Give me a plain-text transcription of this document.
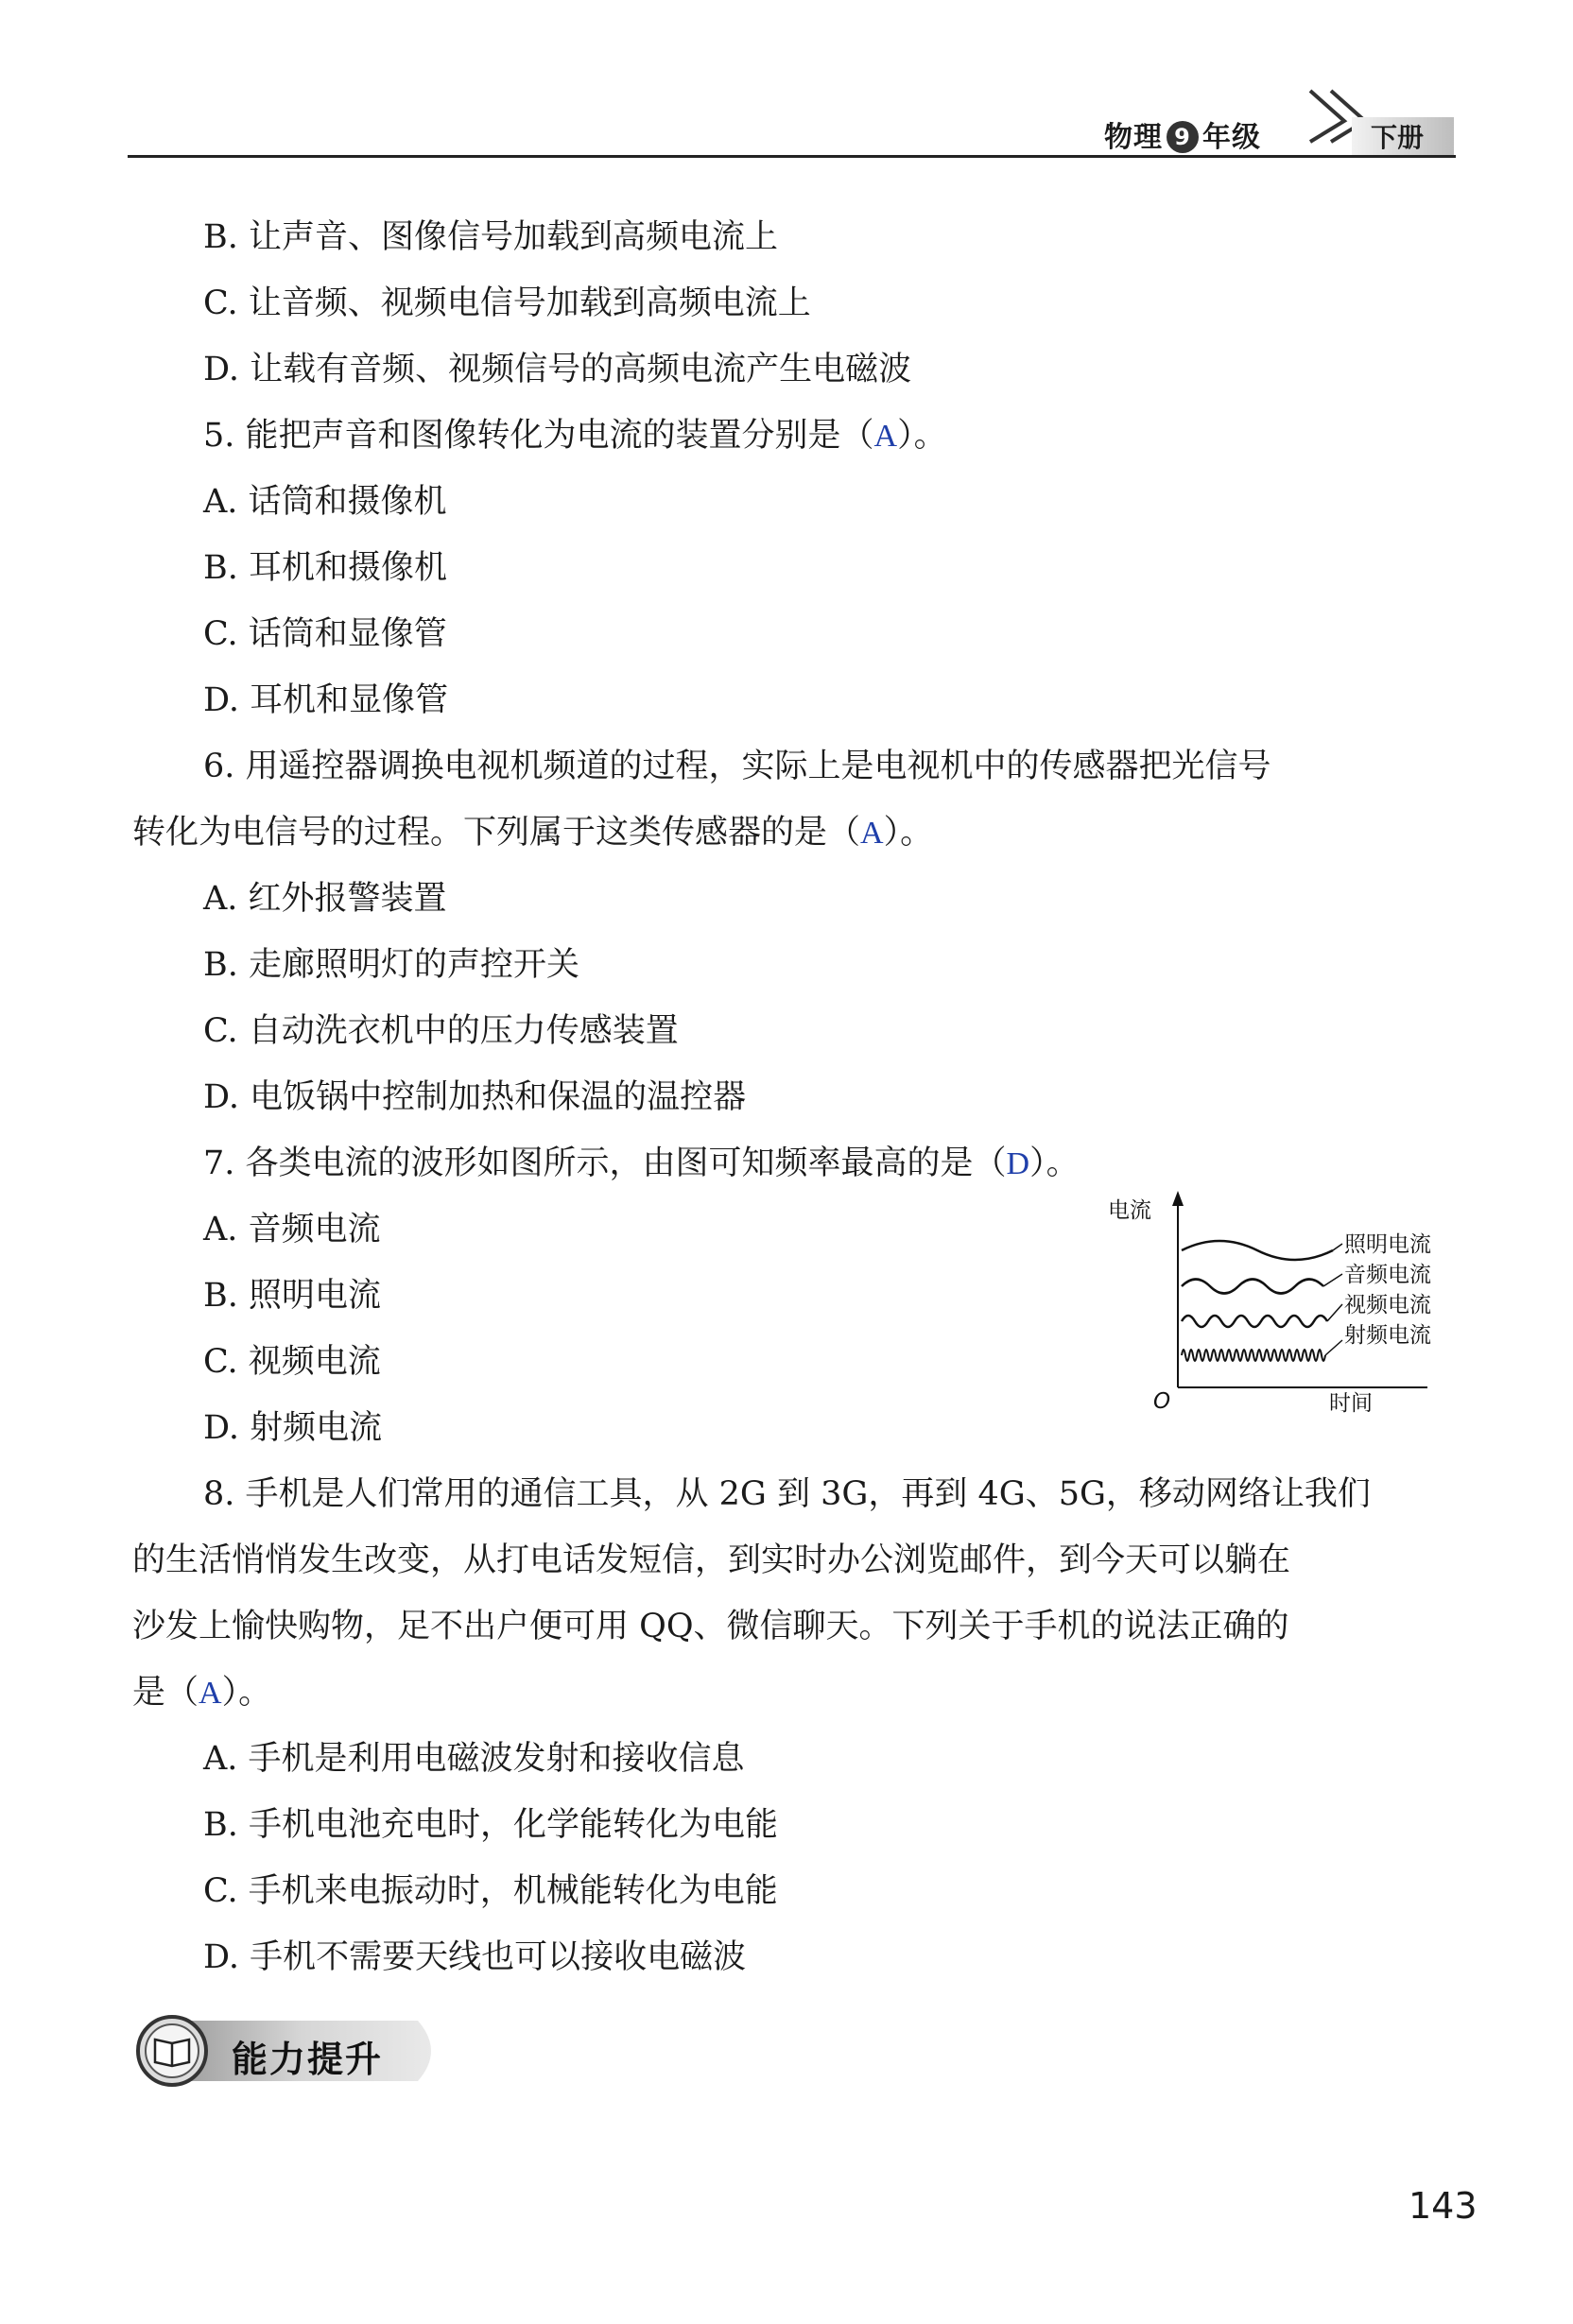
物理 9 年级	下册
B. 让声音、图像信号加载到高频电流上
C. 让音频、视频电信号加载到高频电流上
D. 让载有音频、视频信号的高频电流产生电磁波
5. 能把声音和图像转化为电流的装置分别是（A）。
A. 话筒和摄像机
B. 耳机和摄像机
C. 话筒和显像管
D. 耳机和显像管
6. 用遥控器调换电视机频道的过程，实际上是电视机中的传感器把光信号
转化为电信号的过程。下列属于这类传感器的是（A）。
A. 红外报警装置
B. 走廊照明灯的声控开关
C. 自动洗衣机中的压力传感装置
D. 电饭锅中控制加热和保温的温控器
7. 各类电流的波形如图所示，由图可知频率最高的是（D）。
A. 音频电流
B. 照明电流
C. 视频电流
D. 射频电流
8. 手机是人们常用的通信工具，从 2G 到 3G，再到 4G、5G，移动网络让我们
的生活悄悄发生改变，从打电话发短信，到实时办公浏览邮件，到今天可以躺在
沙发上愉快购物，足不出户便可用 QQ、微信聊天。下列关于手机的说法正确的
是（A）。
A. 手机是利用电磁波发射和接收信息
B. 手机电池充电时，化学能转化为电能
C. 手机来电振动时，机械能转化为电能
D. 手机不需要天线也可以接收电磁波
电流
O	时间
照明电流
音频电流
视频电流
射频电流
能力提升
143
